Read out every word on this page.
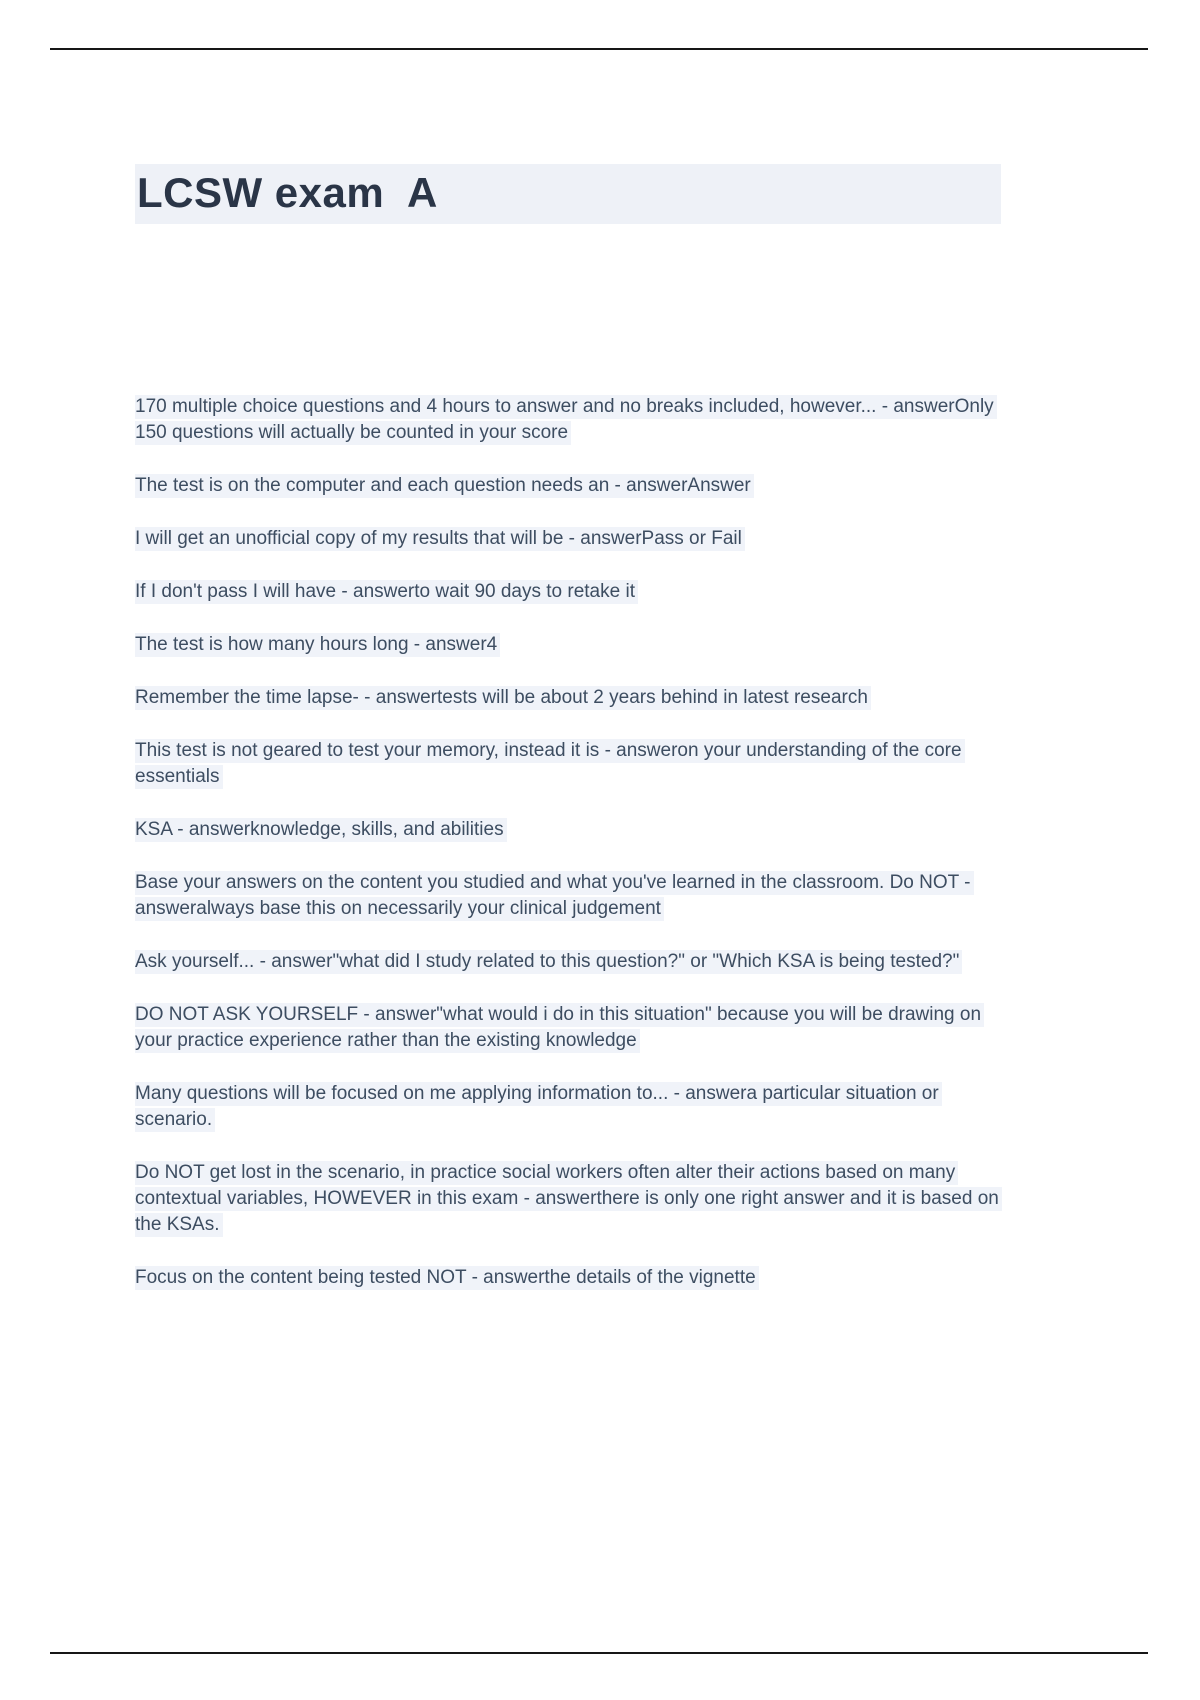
LCSW exam  A

170 multiple choice questions and 4 hours to answer and no breaks included, however... - answerOnly 150 questions will actually be counted in your score

The test is on the computer and each question needs an - answerAnswer

I will get an unofficial copy of my results that will be - answerPass or Fail

If I don't pass I will have - answerto wait 90 days to retake it

The test is how many hours long - answer4

Remember the time lapse- - answertests will be about 2 years behind in latest research

This test is not geared to test your memory, instead it is - answeron your understanding of the core essentials

KSA - answerknowledge, skills, and abilities

Base your answers on the content you studied and what you've learned in the classroom. Do NOT - answeralways base this on necessarily your clinical judgement

Ask yourself... - answer"what did I study related to this question?" or "Which KSA is being tested?"

DO NOT ASK YOURSELF - answer"what would i do in this situation" because you will be drawing on your practice experience rather than the existing knowledge

Many questions will be focused on me applying information to... - answera particular situation or scenario.

Do NOT get lost in the scenario, in practice social workers often alter their actions based on many contextual variables, HOWEVER in this exam - answerthere is only one right answer and it is based on the KSAs.

Focus on the content being tested NOT - answerthe details of the vignette
